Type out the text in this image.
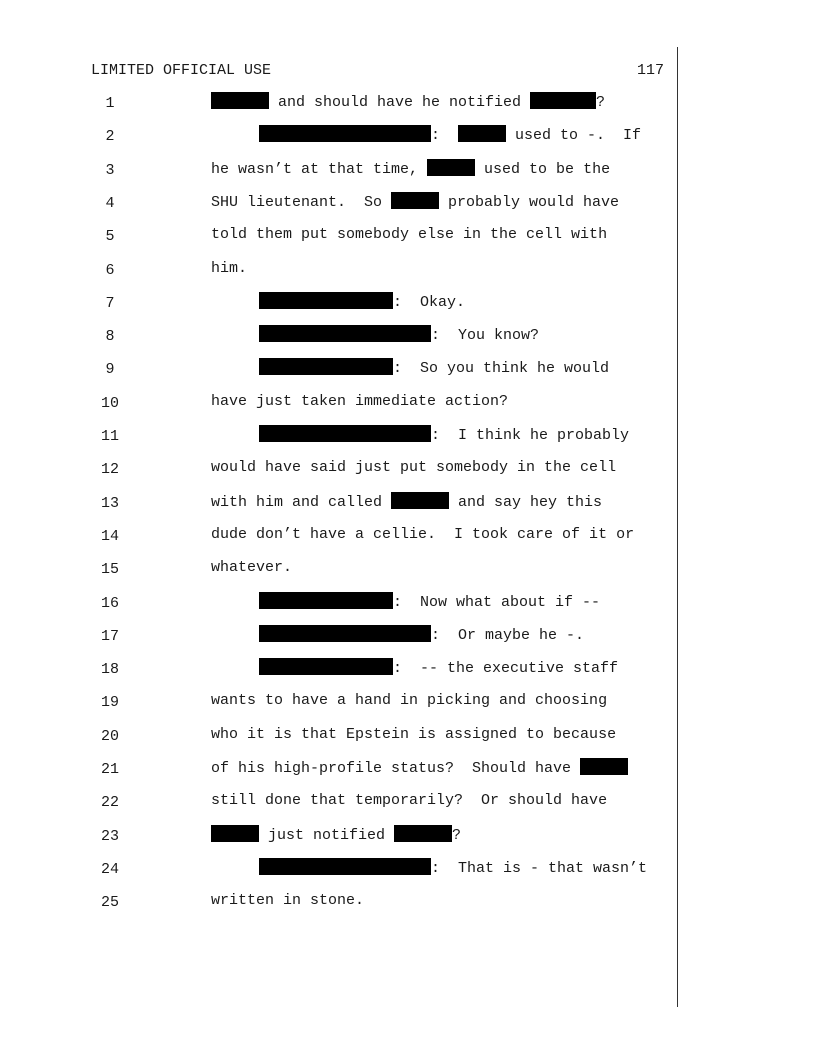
LIMITED OFFICIAL USE	117
1	and should have he notified	?
2	:	used to -.  If
3	he wasn’t at that time,	used to be the
4	SHU lieutenant.  So	probably would have
5	told them put somebody else in the cell with
6	him.
7	:  Okay.
8	:  You know?
9	:  So you think he would
10	have just taken immediate action?
11	:  I think he probably
12	would have said just put somebody in the cell
13	with him and called	and say hey this
14	dude don’t have a cellie.  I took care of it or
15	whatever.
16	:  Now what about if --
17	:  Or maybe he -.
18	:  -- the executive staff
19	wants to have a hand in picking and choosing
20	who it is that Epstein is assigned to because
21	of his high-profile status?  Should have
22	still done that temporarily?  Or should have
23	just notified	?
24	:  That is - that wasn’t
25	written in stone.
